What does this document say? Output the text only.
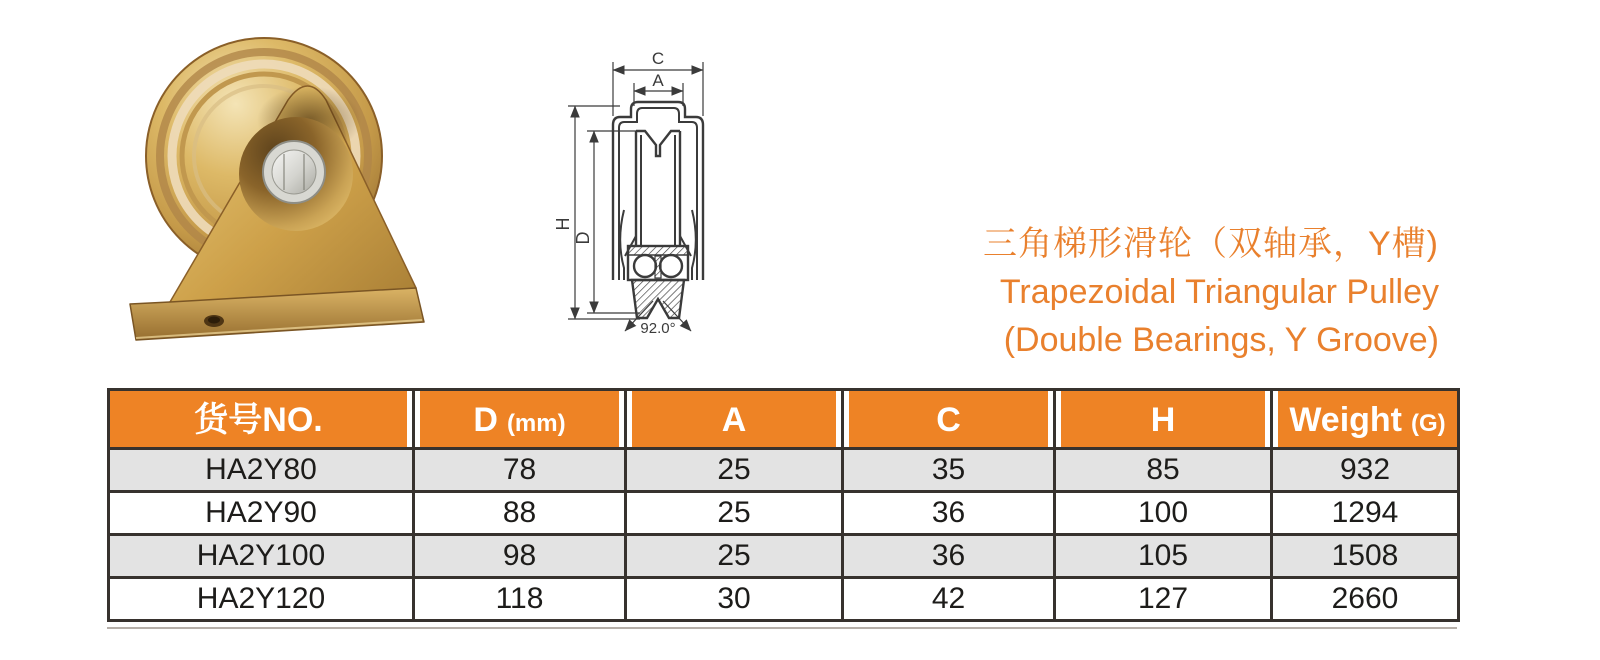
C
A
H
D
92.0°
三角梯形滑轮（双轴承，Y槽)
Trapezoidal Triangular Pulley
(Double Bearings, Y Groove)
货号NO.	D (mm)	A	C	H	Weight (G)

HA2Y80	78	25	35	85	932
HA2Y90	88	25	36	100	1294
HA2Y100	98	25	36	105	1508
HA2Y120	118	30	42	127	2660
